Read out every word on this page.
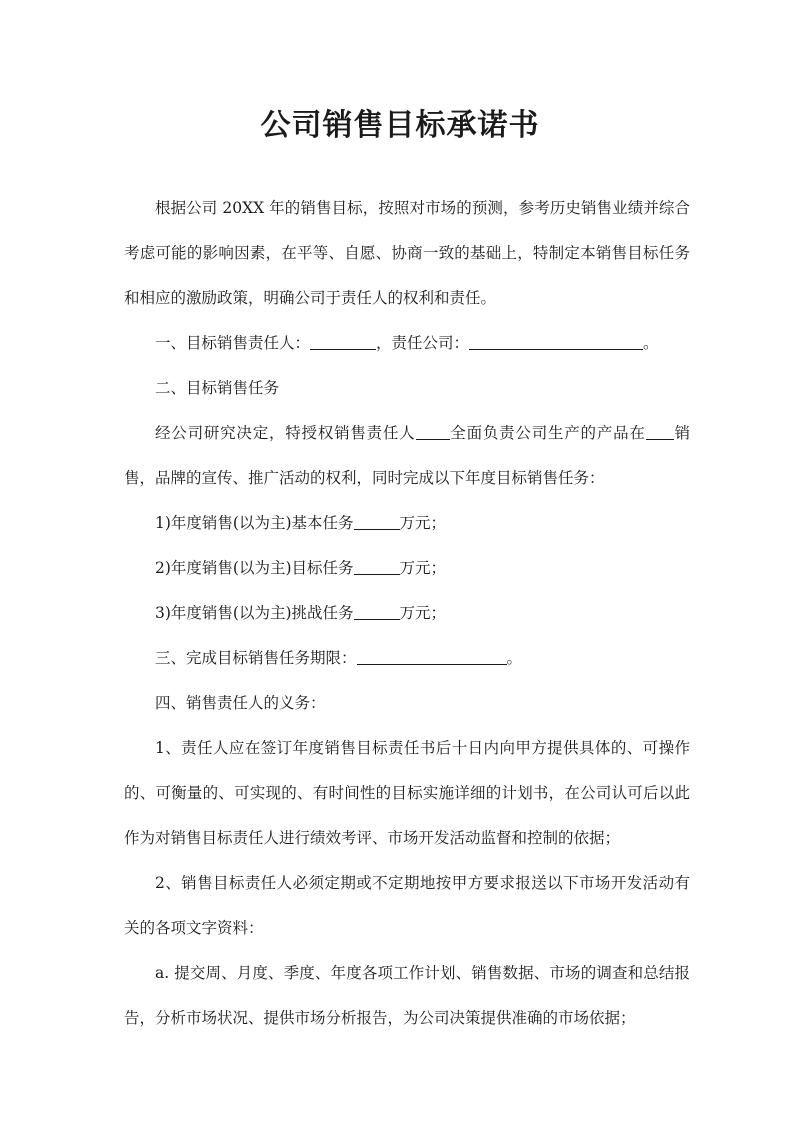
公司销售目标承诺书

根据公司 20XX 年的销售目标，按照对市场的预测，参考历史销售业绩并综合考虑可能的影响因素，在平等、自愿、协商一致的基础上，特制定本销售目标任务和相应的激励政策，明确公司于责任人的权利和责任。

一、目标销售责任人：	，责任公司：	。

二、目标销售任务

经公司研究决定，特授权销售责任人 全面负责公司生产的产品在 销售，品牌的宣传、推广活动的权利，同时完成以下年度目标销售任务：

1)年度销售(以为主)基本任务	万元；

2)年度销售(以为主)目标任务	万元；

3)年度销售(以为主)挑战任务	万元；

三、完成目标销售任务期限：	。

四、销售责任人的义务：

1、责任人应在签订年度销售目标责任书后十日内向甲方提供具体的、可操作的、可衡量的、可实现的、有时间性的目标实施详细的计划书，在公司认可后以此作为对销售目标责任人进行绩效考评、市场开发活动监督和控制的依据；

2、销售目标责任人必须定期或不定期地按甲方要求报送以下市场开发活动有关的各项文字资料：

a. 提交周、月度、季度、年度各项工作计划、销售数据、市场的调查和总结报告，分析市场状况、提供市场分析报告，为公司决策提供准确的市场依据；
